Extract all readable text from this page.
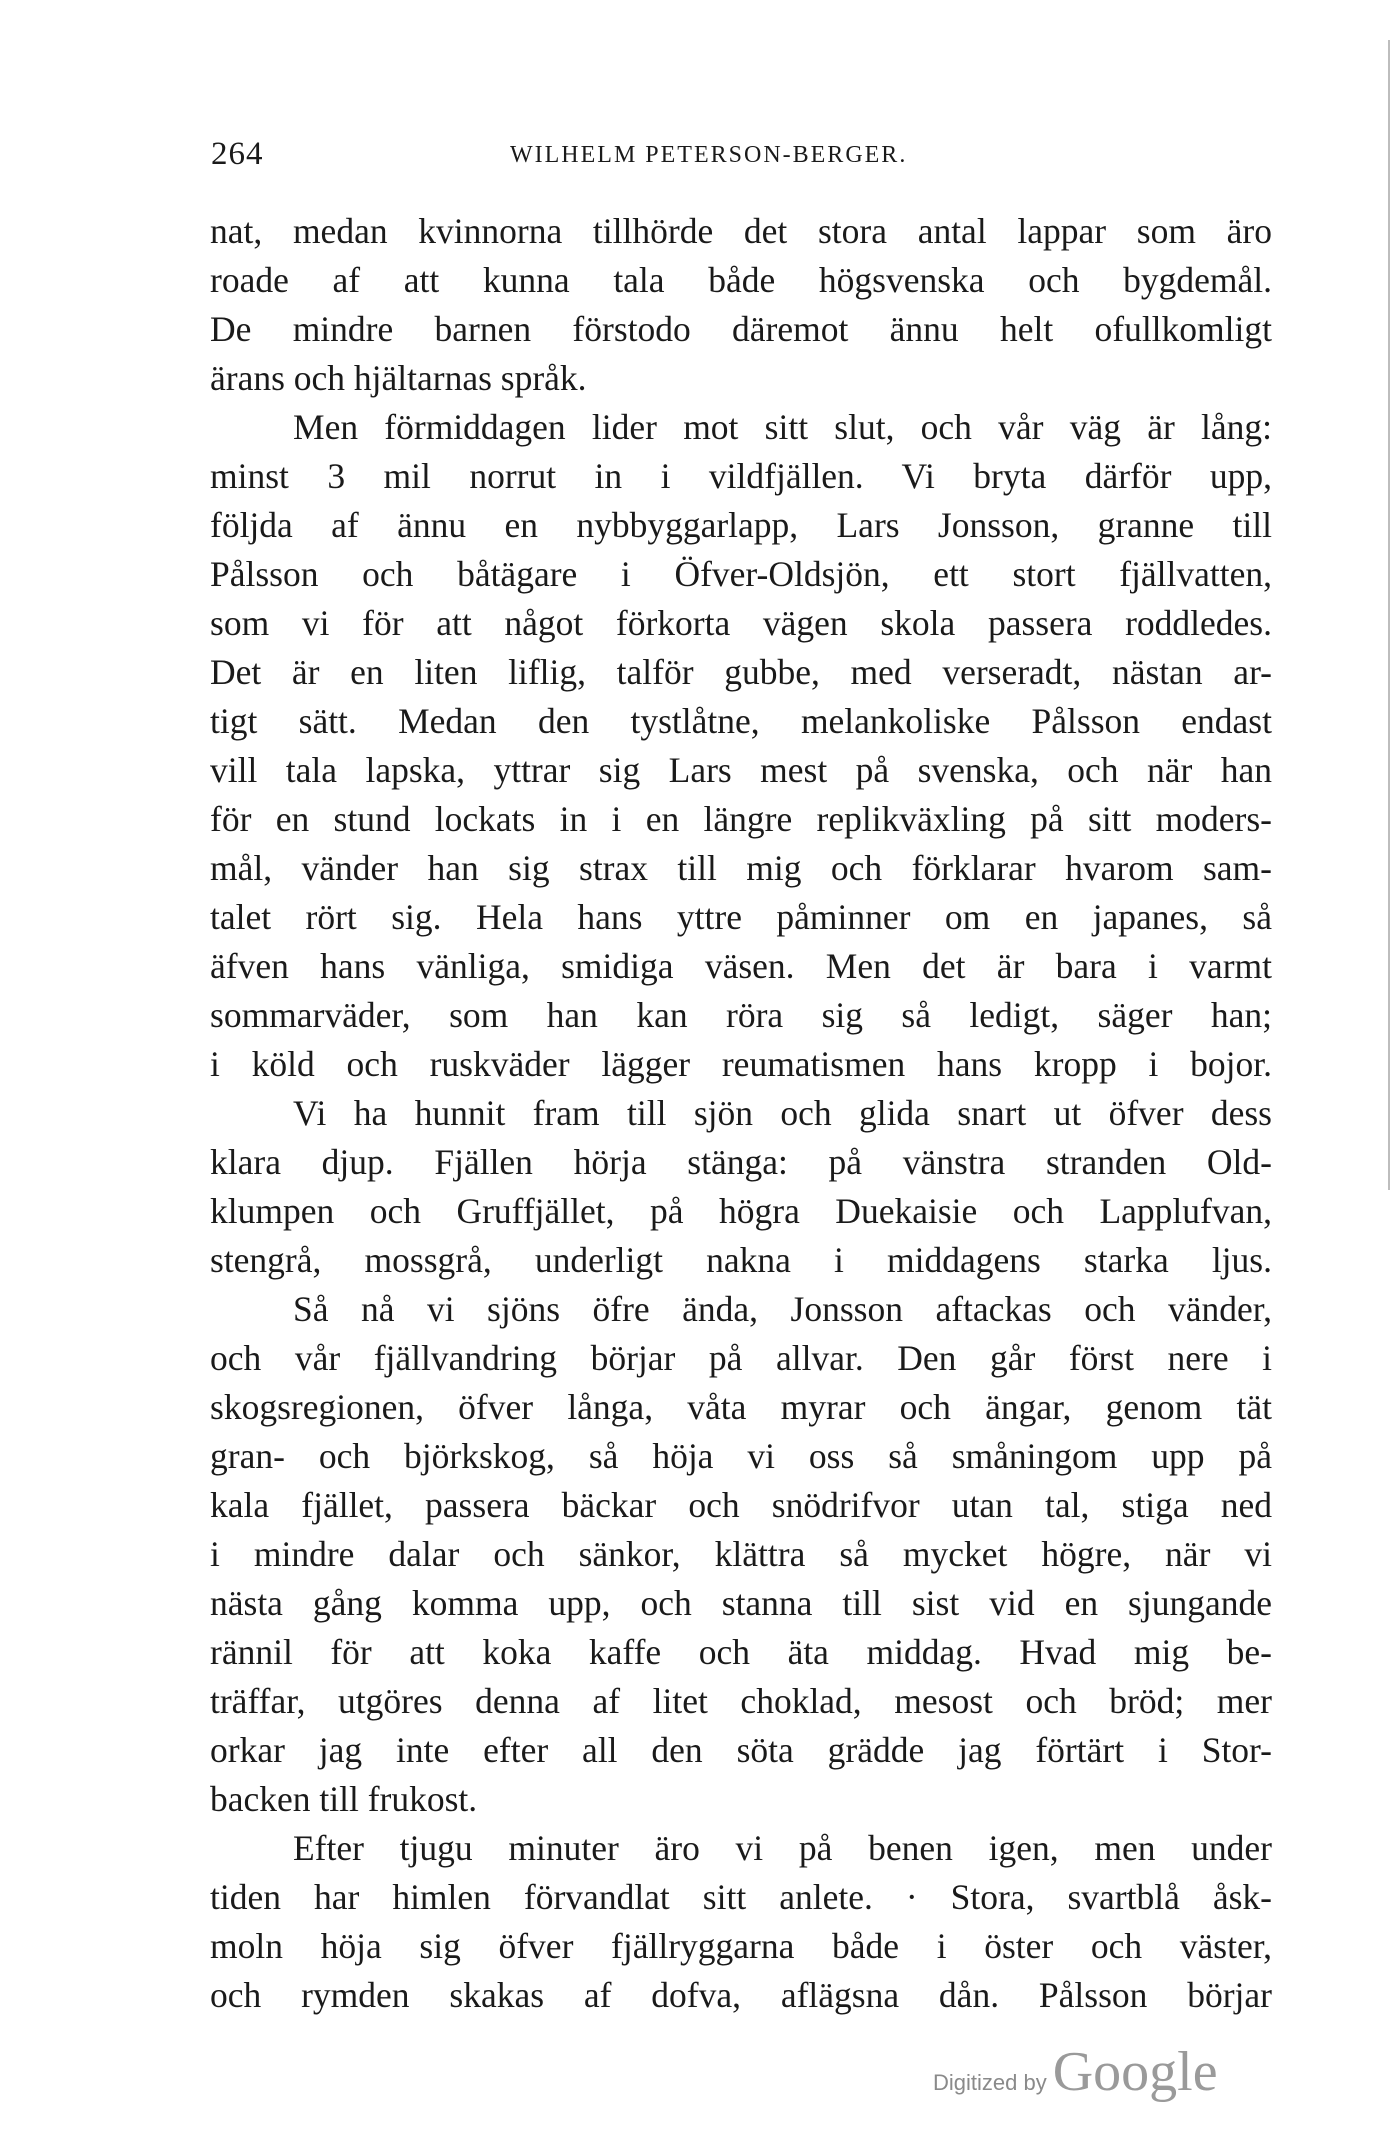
264	WILHELM PETERSON-BERGER.
nat, medan kvinnorna tillhörde det stora antal lappar som äro
roade af att kunna tala både högsvenska och bygdemål.
De mindre barnen förstodo däremot ännu helt ofullkomligt
ärans och hjältarnas språk.
Men förmiddagen lider mot sitt slut, och vår väg är lång:
minst 3 mil norrut in i vildfjällen. Vi bryta därför upp,
följda af ännu en nybbyggarlapp, Lars Jonsson, granne till
Pålsson och båtägare i Öfver-Oldsjön, ett stort fjällvatten,
som vi för att något förkorta vägen skola passera roddledes.
Det är en liten liflig, talför gubbe, med verseradt, nästan ar-
tigt sätt. Medan den tystlåtne, melankoliske Pålsson endast
vill tala lapska, yttrar sig Lars mest på svenska, och när han
för en stund lockats in i en längre replikväxling på sitt moders-
mål, vänder han sig strax till mig och förklarar hvarom sam-
talet rört sig. Hela hans yttre påminner om en japanes, så
äfven hans vänliga, smidiga väsen. Men det är bara i varmt
sommarväder, som han kan röra sig så ledigt, säger han;
i köld och ruskväder lägger reumatismen hans kropp i bojor.
Vi ha hunnit fram till sjön och glida snart ut öfver dess
klara djup. Fjällen hörja stänga: på vänstra stranden Old-
klumpen och Gruffjället, på högra Duekaisie och Lapplufvan,
stengrå, mossgrå, underligt nakna i middagens starka ljus.
Så nå vi sjöns öfre ända, Jonsson aftackas och vänder,
och vår fjällvandring börjar på allvar. Den går först nere i
skogsregionen, öfver långa, våta myrar och ängar, genom tät
gran- och björkskog, så höja vi oss så småningom upp på
kala fjället, passera bäckar och snödrifvor utan tal, stiga ned
i mindre dalar och sänkor, klättra så mycket högre, när vi
nästa gång komma upp, och stanna till sist vid en sjungande
rännil för att koka kaffe och äta middag. Hvad mig be-
träffar, utgöres denna af litet choklad, mesost och bröd; mer
orkar jag inte efter all den söta grädde jag förtärt i Stor-
backen till frukost.
Efter tjugu minuter äro vi på benen igen, men under
tiden har himlen förvandlat sitt anlete. · Stora, svartblå åsk-
moln höja sig öfver fjällryggarna både i öster och väster,
och rymden skakas af dofva, aflägsna dån. Pålsson börjar
Digitized by Google
